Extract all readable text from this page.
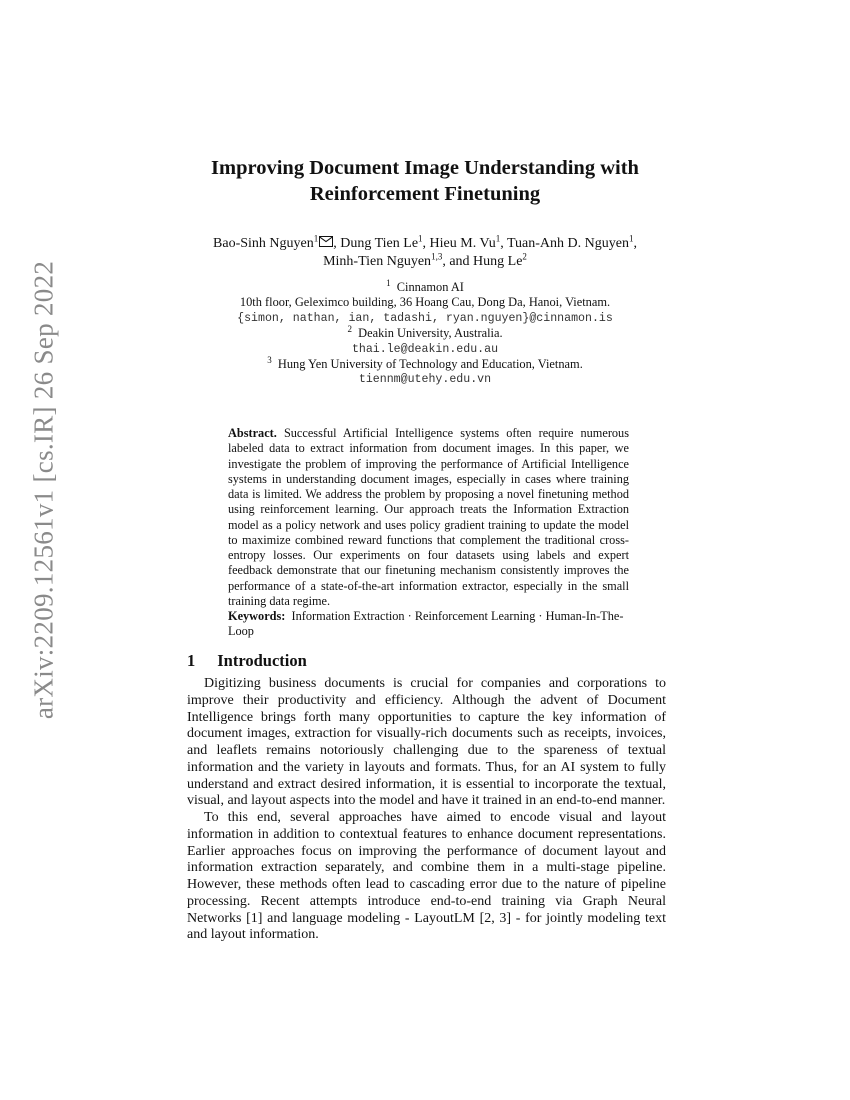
arXiv:2209.12561v1 [cs.IR] 26 Sep 2022
Improving Document Image Understanding with
Reinforcement Finetuning
Bao-Sinh Nguyen$^1$ , Dung Tien Le$^1$, Hieu M. Vu$^1$, Tuan-Anh D. Nguyen$^1$,
Minh-Tien Nguyen$^{1,3}$, and Hung Le$^2$
$^1$ Cinnamon AI
10th floor, Geleximco building, 36 Hoang Cau, Dong Da, Hanoi, Vietnam.
{simon, nathan, ian, tadashi, ryan.nguyen}@cinnamon.is
$^2$ Deakin University, Australia.
thai.le@deakin.edu.au
$^3$ Hung Yen University of Technology and Education, Vietnam.
tiennm@utehy.edu.vn
Abstract. Successful Artificial Intelligence systems often require numerous labeled data to extract information from document images. In this paper, we investigate the problem of improving the performance of Artificial Intelligence systems in understanding document images, especially in cases where training data is limited. We address the problem by proposing a novel finetuning method using reinforcement learning. Our approach treats the Information Extraction model as a policy network and uses policy gradient training to update the model to maximize combined reward functions that complement the traditional cross-entropy losses. Our experiments on four datasets using labels and expert feedback demonstrate that our finetuning mechanism consistently improves the performance of a state-of-the-art information extractor, especially in the small training data regime.
Keywords: Information Extraction · Reinforcement Learning · Human-In-The-Loop
1 Introduction

Digitizing business documents is crucial for companies and corporations to improve their productivity and efficiency. Although the advent of Document Intelligence brings forth many opportunities to capture the key information of document images, extraction for visually-rich documents such as receipts, invoices, and leaflets remains notoriously challenging due to the spareness of textual information and the variety in layouts and formats. Thus, for an AI system to fully understand and extract desired information, it is essential to incorporate the textual, visual, and layout aspects into the model and have it trained in an end-to-end manner.

To this end, several approaches have aimed to encode visual and layout information in addition to contextual features to enhance document representations. Earlier approaches focus on improving the performance of document layout and information extraction separately, and combine them in a multi-stage pipeline. However, these methods often lead to cascading error due to the nature of pipeline processing. Recent attempts introduce end-to-end training via Graph Neural Networks [1] and language modeling - LayoutLM [2, 3] - for jointly modeling text and layout information.
